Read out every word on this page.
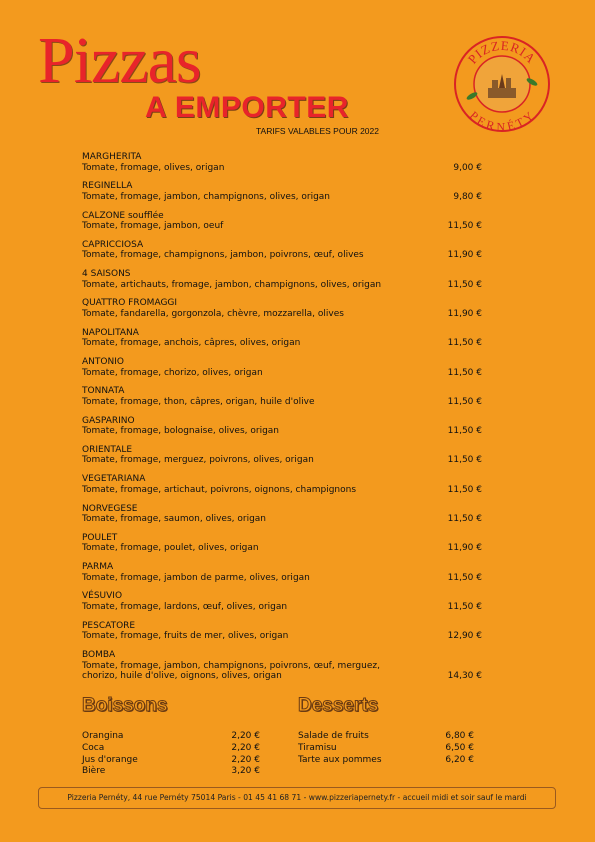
Pizzas
A EMPORTER
TARIFS VALABLES POUR 2022
PIZZERIA
PERNÉTY
MARGHERITA
Tomate, fromage, olives, origan	9,00 €
REGINELLA
Tomate, fromage, jambon, champignons, olives, origan	9,80 €
CALZONE soufflée
Tomate, fromage, jambon, oeuf	11,50 €
CAPRICCIOSA
Tomate, fromage, champignons, jambon, poivrons, œuf, olives	11,90 €
4 SAISONS
Tomate, artichauts, fromage, jambon, champignons, olives, origan	11,50 €
QUATTRO FROMAGGI
Tomate, fandarella, gorgonzola, chèvre, mozzarella, olives	11,90 €
NAPOLITANA
Tomate, fromage, anchois, câpres, olives, origan	11,50 €
ANTONIO
Tomate, fromage, chorizo, olives, origan	11,50 €
TONNATA
Tomate, fromage, thon, câpres, origan, huile d'olive	11,50 €
GASPARINO
Tomate, fromage, bolognaise, olives, origan	11,50 €
ORIENTALE
Tomate, fromage, merguez, poivrons, olives, origan	11,50 €
VEGETARIANA
Tomate, fromage, artichaut, poivrons, oignons, champignons	11,50 €
NORVEGESE
Tomate, fromage, saumon, olives, origan	11,50 €
POULET
Tomate, fromage, poulet, olives, origan	11,90 €
PARMA
Tomate, fromage, jambon de parme, olives, origan	11,50 €
VÉSUVIO
Tomate, fromage, lardons, œuf, olives, origan	11,50 €
PESCATORE
Tomate, fromage, fruits de mer, olives, origan	12,90 €
BOMBA
Tomate, fromage, jambon, champignons, poivrons, œuf, merguez, chorizo, huile d'olive, oignons, olives, origan	14,30 €
Boissons
Orangina	2,20 €
Coca	2,20 €
Jus d'orange	2,20 €
Bière	3,20 €
Desserts
Salade de fruits	6,80 €
Tiramisu	6,50 €
Tarte aux pommes	6,20 €
Pizzeria Pernéty, 44 rue Pernéty 75014 Paris - 01 45 41 68 71 - www.pizzeriapernety.fr - accueil midi et soir sauf le mardi
